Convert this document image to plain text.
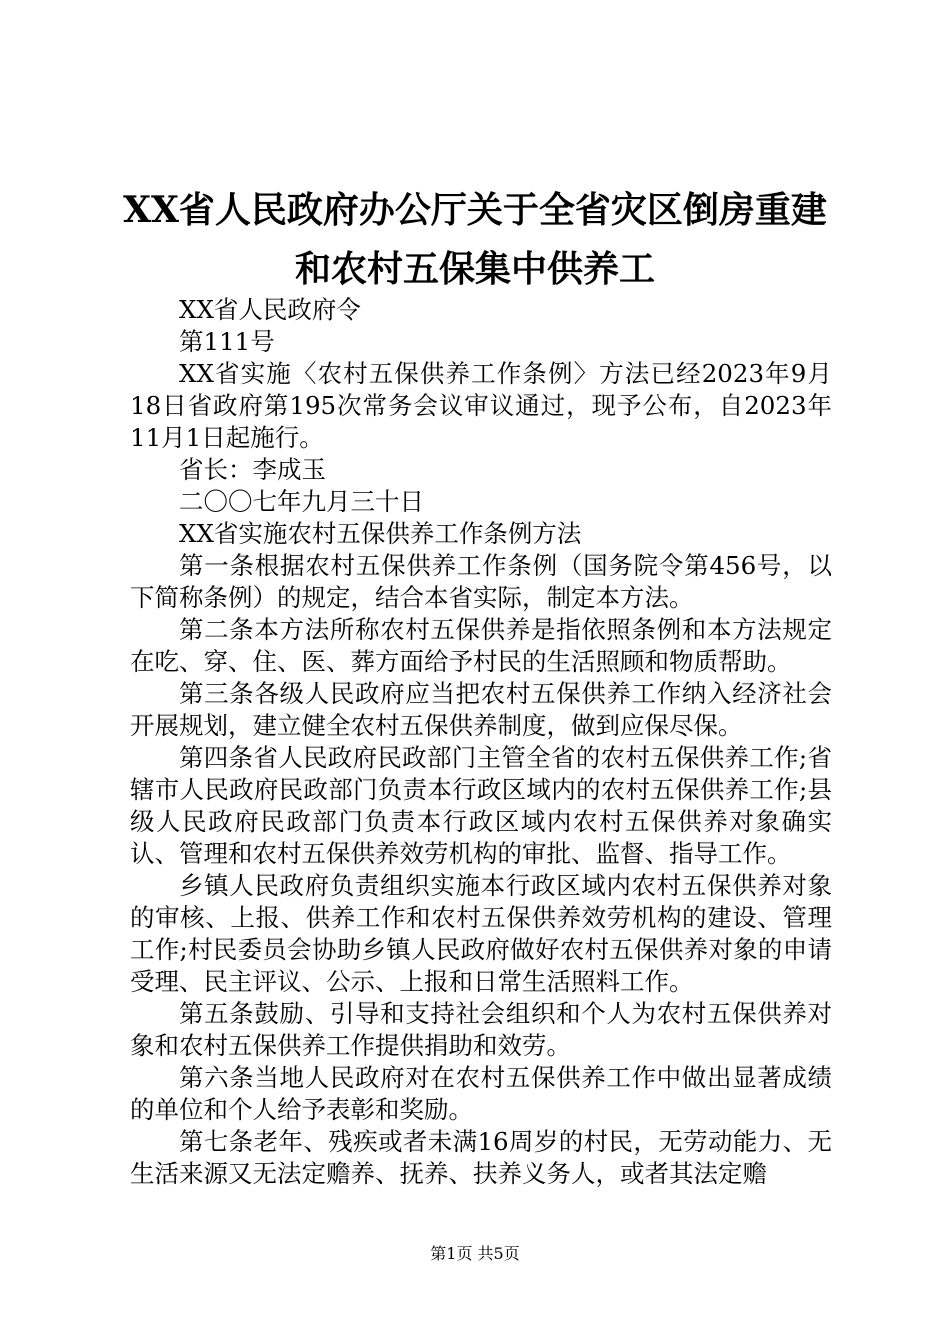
XX省人民政府办公厅关于全省灾区倒房重建
和农村五保集中供养工

XX省人民政府令

第111号

XX省实施〈农村五保供养工作条例〉方法已经2023年9月18日省政府第195次常务会议审议通过，现予公布，自2023年11月1日起施行。

省长：李成玉

二〇〇七年九月三十日

XX省实施农村五保供养工作条例方法

第一条根据农村五保供养工作条例（国务院令第456号，以下简称条例）的规定，结合本省实际，制定本方法。

第二条本方法所称农村五保供养是指依照条例和本方法规定在吃、穿、住、医、葬方面给予村民的生活照顾和物质帮助。

第三条各级人民政府应当把农村五保供养工作纳入经济社会开展规划，建立健全农村五保供养制度，做到应保尽保。

第四条省人民政府民政部门主管全省的农村五保供养工作;省辖市人民政府民政部门负责本行政区域内的农村五保供养工作;县级人民政府民政部门负责本行政区域内农村五保供养对象确实认、管理和农村五保供养效劳机构的审批、监督、指导工作。

乡镇人民政府负责组织实施本行政区域内农村五保供养对象的审核、上报、供养工作和农村五保供养效劳机构的建设、管理工作;村民委员会协助乡镇人民政府做好农村五保供养对象的申请受理、民主评议、公示、上报和日常生活照料工作。

第五条鼓励、引导和支持社会组织和个人为农村五保供养对象和农村五保供养工作提供捐助和效劳。

第六条当地人民政府对在农村五保供养工作中做出显著成绩的单位和个人给予表彰和奖励。

第七条老年、残疾或者未满16周岁的村民，无劳动能力、无生活来源又无法定赡养、抚养、扶养义务人，或者其法定赡

第1页 共5页
